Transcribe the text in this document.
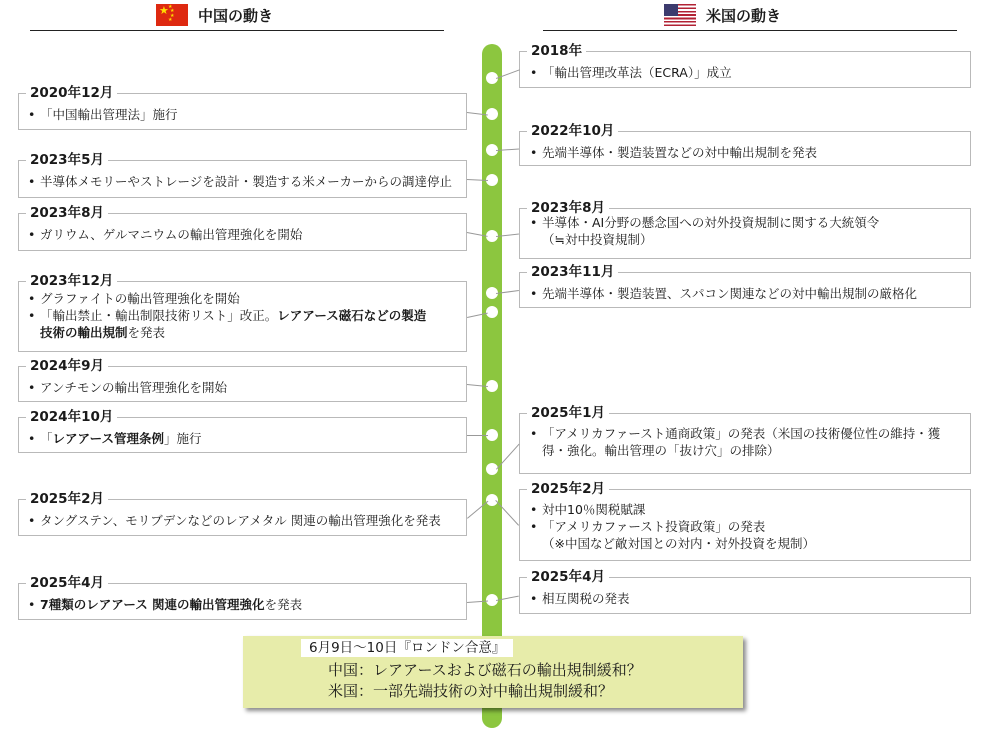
★ ★
★
★
★ 中国の動き	米国の動き
2020年12月
• 「中国輸出管理法」施行
2023年5月
• 半導体メモリーやストレージを設計・製造する米メーカーからの調達停止
2023年8月
• ガリウム、ゲルマニウムの輸出管理強化を開始
2023年12月
• グラファイトの輸出管理強化を開始
• 「輸出禁止・輸出制限技術リスト」改正。レアアース磁石などの製造
技術の輸出規制を発表
2024年9月
• アンチモンの輸出管理強化を開始
2024年10月
• 「レアアース管理条例」施行
2025年2月
• タングステン、モリブデンなどのレアメタル 関連の輸出管理強化を発表
2025年4月
• 7種類のレアアース 関連の輸出管理強化を発表
2018年
• 「輸出管理改革法（ECRA）」成立
2022年10月
• 先端半導体・製造装置などの対中輸出規制を発表
2023年8月
• 半導体・AI分野の懸念国への対外投資規制に関する大統領令
（≒対中投資規制）
2023年11月
• 先端半導体・製造装置、スパコン関連などの対中輸出規制の厳格化
2025年1月
• 「アメリカファースト通商政策」の発表（米国の技術優位性の維持・獲
得・強化。輸出管理の「抜け穴」の排除）
2025年2月
• 対中10％関税賦課
• 「アメリカファースト投資政策」の発表
（※中国など敵対国との対内・対外投資を規制）
2025年4月
• 相互関税の発表
6月9日～10日『ロンドン合意』
中国：レアアースおよび磁石の輸出規制緩和？
米国：一部先端技術の対中輸出規制緩和？
